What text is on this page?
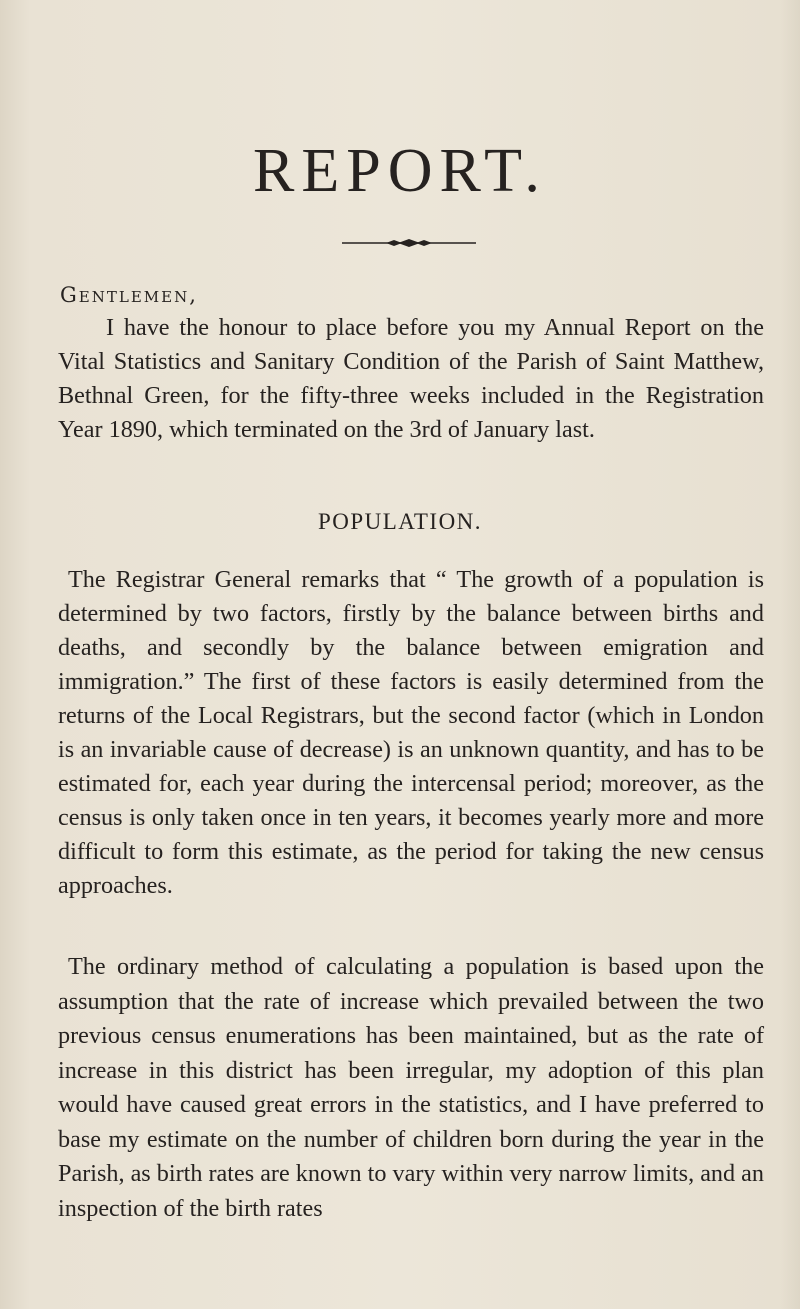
REPORT.

Gentlemen,

I have the honour to place before you my Annual Report on the Vital Statistics and Sanitary Condition of the Parish of Saint Matthew, Bethnal Green, for the fifty-three weeks included in the Registration Year 1890, which terminated on the 3rd of January last.

POPULATION.

The Registrar General remarks that “ The growth of a population is determined by two factors, firstly by the balance between births and deaths, and secondly by the balance between emigration and immigration.” The first of these factors is easily determined from the returns of the Local Registrars, but the second factor (which in London is an invariable cause of decrease) is an unknown quantity, and has to be estimated for, each year during the intercensal period; moreover, as the census is only taken once in ten years, it becomes yearly more and more difficult to form this estimate, as the period for taking the new census approaches.

The ordinary method of calculating a population is based upon the assumption that the rate of increase which prevailed between the two previous census enumerations has been maintained, but as the rate of increase in this district has been irregular, my adoption of this plan would have caused great errors in the statistics, and I have preferred to base my estimate on the number of children born during the year in the Parish, as birth rates are known to vary within very narrow limits, and an inspection of the birth rates
